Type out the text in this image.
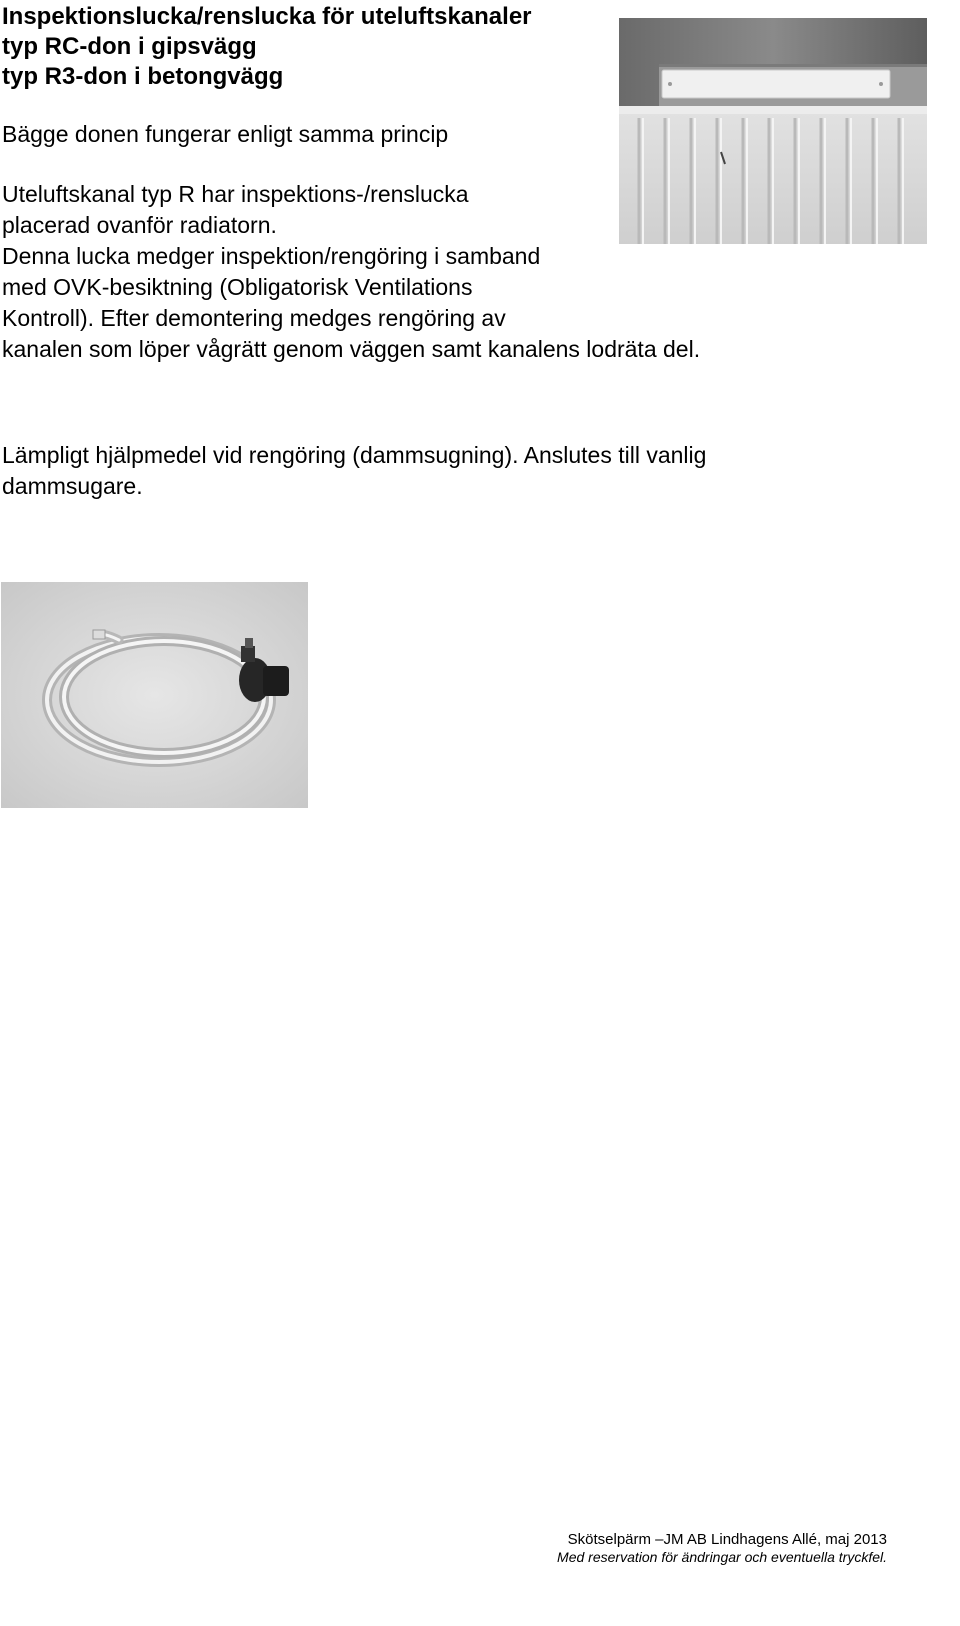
Inspektionslucka/renslucka för uteluftskanaler
typ RC-don i gipsvägg
typ R3-don i betongvägg
Bägge donen fungerar enligt samma princip
Uteluftskanal typ R har inspektions-/renslucka
placerad ovanför radiatorn.
Denna lucka medger inspektion/rengöring i samband
med OVK-besiktning (Obligatorisk Ventilations
Kontroll). Efter demontering medges rengöring av
kanalen som löper vågrätt genom väggen samt kanalens lodräta del.
Lämpligt hjälpmedel vid rengöring (dammsugning). Anslutes till vanlig
dammsugare.
Skötselpärm –JM AB Lindhagens Allé, maj 2013
Med reservation för ändringar och eventuella tryckfel.
